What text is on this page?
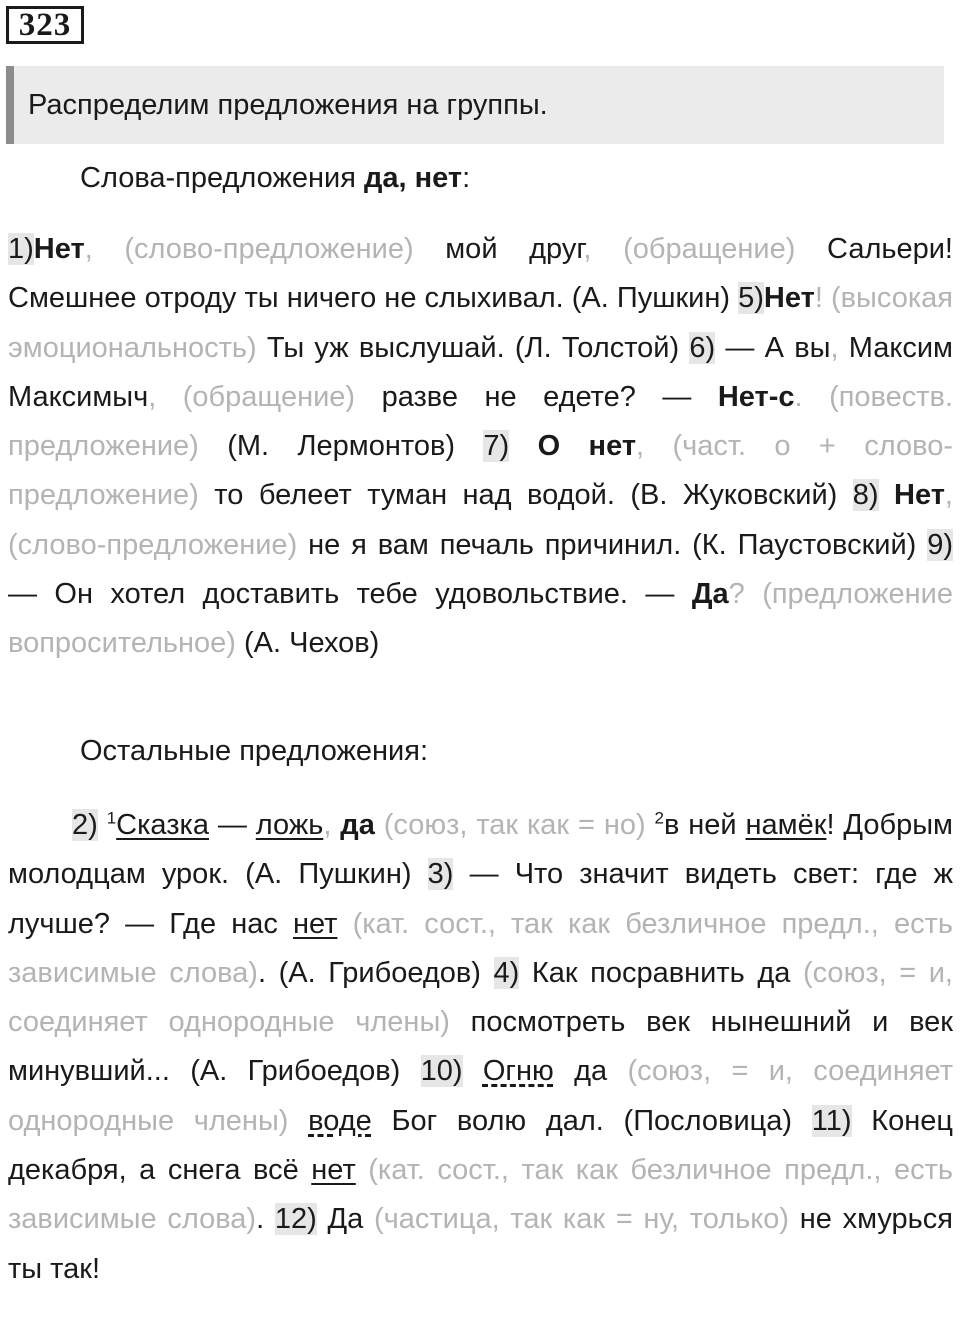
323
Распределим предложения на группы.

Слова-предложения да, нет:

1)Нет, (слово-предложение) мой друг, (обращение) Сальери! Смешнее отроду ты ничего не слыхивал. (А. Пушкин) 5)Нет! (высокая эмоциональность) Ты уж выслушай. (Л. Толстой) 6) — А вы, Максим Максимыч, (обращение) разве не едете? — Нет-с. (повеств. предложение) (М. Лермонтов) 7) О нет, (част. о + слово-предложение) то белеет туман над водой. (В. Жуковский) 8) Нет, (слово-предложение) не я вам печаль причинил. (К. Паустовский) 9) — Он хотел доставить тебе удовольствие. — Да? (предложение вопросительное) (А. Чехов)

Остальные предложения:

2) $^1$Сказка — ложь, да (союз, так как = но) $^2$в ней намёк! Добрым молодцам урок. (А. Пушкин) 3) — Что значит видеть свет: где ж лучше? — Где нас нет (кат. сост., так как безличное предл., есть зависимые слова). (А. Грибоедов) 4) Как посравнить да (союз, = и, соединяет однородные члены) посмотреть век нынешний и век минувший... (А. Грибоедов) 10) Огню да (союз, = и, соединяет однородные члены) воде Бог волю дал. (Пословица) 11) Конец декабря, а снега всё нет (кат. сост., так как безличное предл., есть зависимые слова). 12) Да (частица, так как = ну, только) не хмурься ты так!
